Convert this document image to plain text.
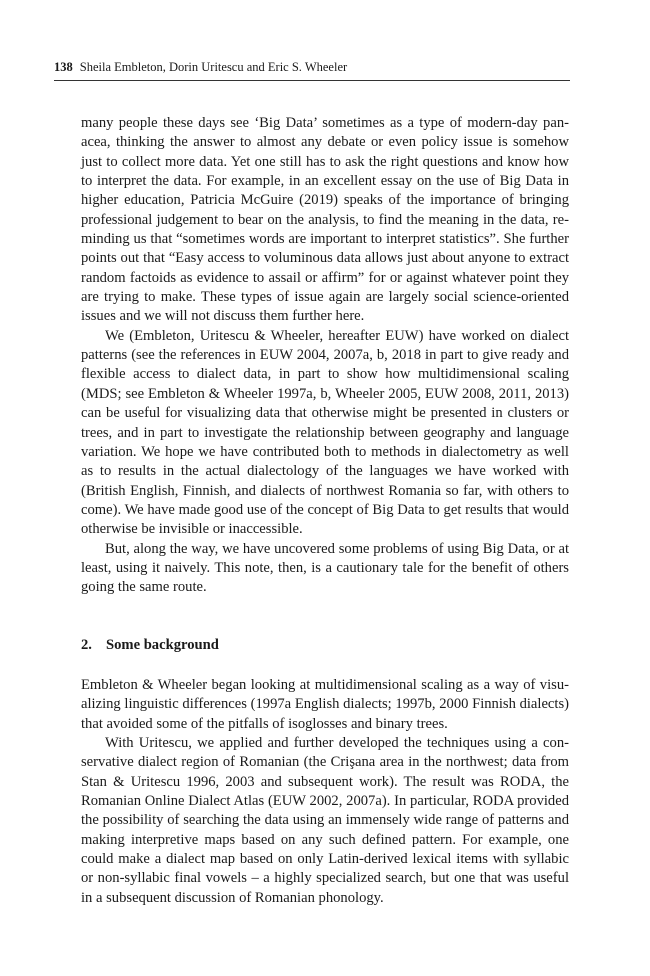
138 Sheila Embleton, Dorin Uritescu and Eric S. Wheeler

many people these days see ‘Big Data’ sometimes as a type of modern-day panacea, thinking the answer to almost any debate or even policy issue is somehow just to collect more data. Yet one still has to ask the right questions and know how to interpret the data. For example, in an excellent essay on the use of Big Data in higher education, Patricia McGuire (2019) speaks of the importance of bringing professional judgement to bear on the analysis, to find the meaning in the data, reminding us that “sometimes words are important to interpret statistics”. She further points out that “Easy access to voluminous data allows just about anyone to extract random factoids as evidence to assail or affirm” for or against whatever point they are trying to make. These types of issue again are largely social science-oriented issues and we will not discuss them further here.

We (Embleton, Uritescu & Wheeler, hereafter EUW) have worked on dialect patterns (see the references in EUW 2004, 2007a, b, 2018 in part to give ready and flexible access to dialect data, in part to show how multidimensional scaling (MDS; see Embleton & Wheeler 1997a, b, Wheeler 2005, EUW 2008, 2011, 2013) can be useful for visualizing data that otherwise might be presented in clusters or trees, and in part to investigate the relationship between geography and language variation. We hope we have contributed both to methods in dialectometry as well as to results in the actual dialectology of the languages we have worked with (British English, Finnish, and dialects of northwest Romania so far, with others to come). We have made good use of the concept of Big Data to get results that would otherwise be invisible or inaccessible.

But, along the way, we have uncovered some problems of using Big Data, or at least, using it naively. This note, then, is a cautionary tale for the benefit of others going the same route.

2. Some background

Embleton & Wheeler began looking at multidimensional scaling as a way of visualizing linguistic differences (1997a English dialects; 1997b, 2000 Finnish dialects) that avoided some of the pitfalls of isoglosses and binary trees.

With Uritescu, we applied and further developed the techniques using a conservative dialect region of Romanian (the Crişana area in the northwest; data from Stan & Uritescu 1996, 2003 and subsequent work). The result was RODA, the Romanian Online Dialect Atlas (EUW 2002, 2007a). In particular, RODA provided the possibility of searching the data using an immensely wide range of patterns and making interpretive maps based on any such defined pattern. For example, one could make a dialect map based on only Latin-derived lexical items with syllabic or non-syllabic final vowels – a highly specialized search, but one that was useful in a subsequent discussion of Romanian phonology.
